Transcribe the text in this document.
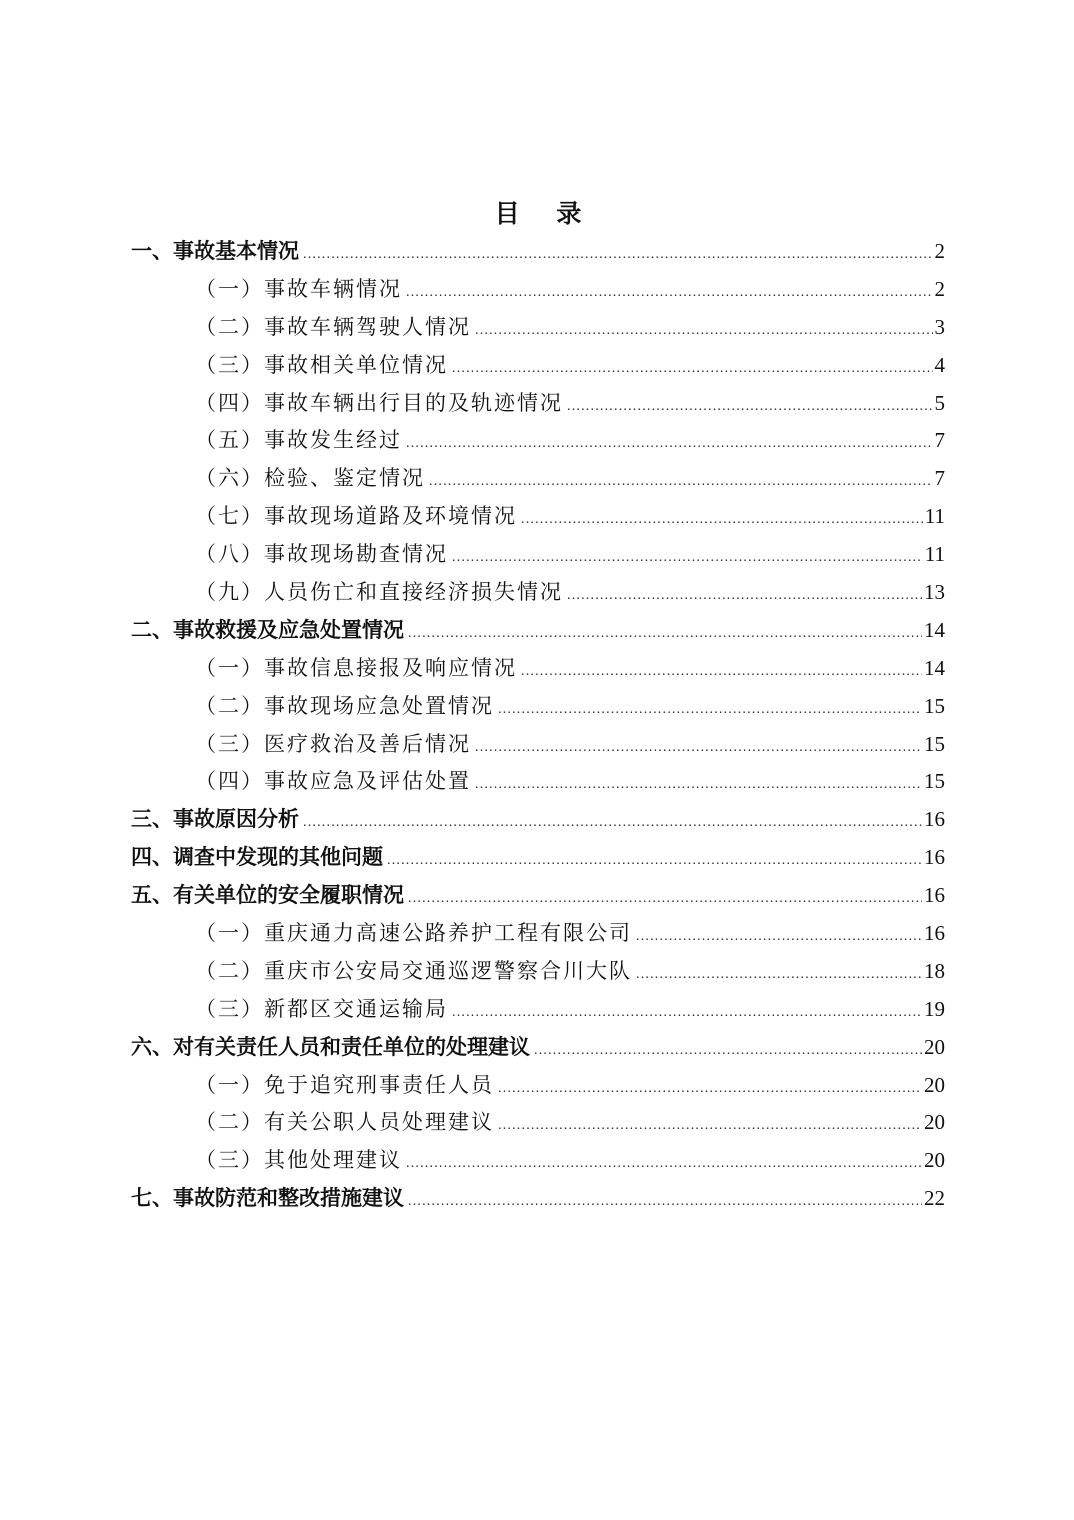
目 录
一、事故基本情况 .....	2
（一）事故车辆情况 .....	2
（二）事故车辆驾驶人情况 .....	3
（三）事故相关单位情况 .....	4
（四）事故车辆出行目的及轨迹情况 .....	5
（五）事故发生经过 .....	7
（六）检验、鉴定情况 .....	7
（七）事故现场道路及环境情况 .....	11
（八）事故现场勘查情况 .....	11
（九）人员伤亡和直接经济损失情况 .....	13
二、事故救援及应急处置情况 .....	14
（一）事故信息接报及响应情况 .....	14
（二）事故现场应急处置情况 .....	15
（三）医疗救治及善后情况 .....	15
（四）事故应急及评估处置 .....	15
三、事故原因分析 .....	16
四、调查中发现的其他问题 .....	16
五、有关单位的安全履职情况 .....	16
（一）重庆通力高速公路养护工程有限公司 .....	16
（二）重庆市公安局交通巡逻警察合川大队 .....	18
（三）新都区交通运输局 .....	19
六、对有关责任人员和责任单位的处理建议 .....	20
（一）免于追究刑事责任人员 .....	20
（二）有关公职人员处理建议 .....	20
（三）其他处理建议 .....	20
七、事故防范和整改措施建议 .....	22
